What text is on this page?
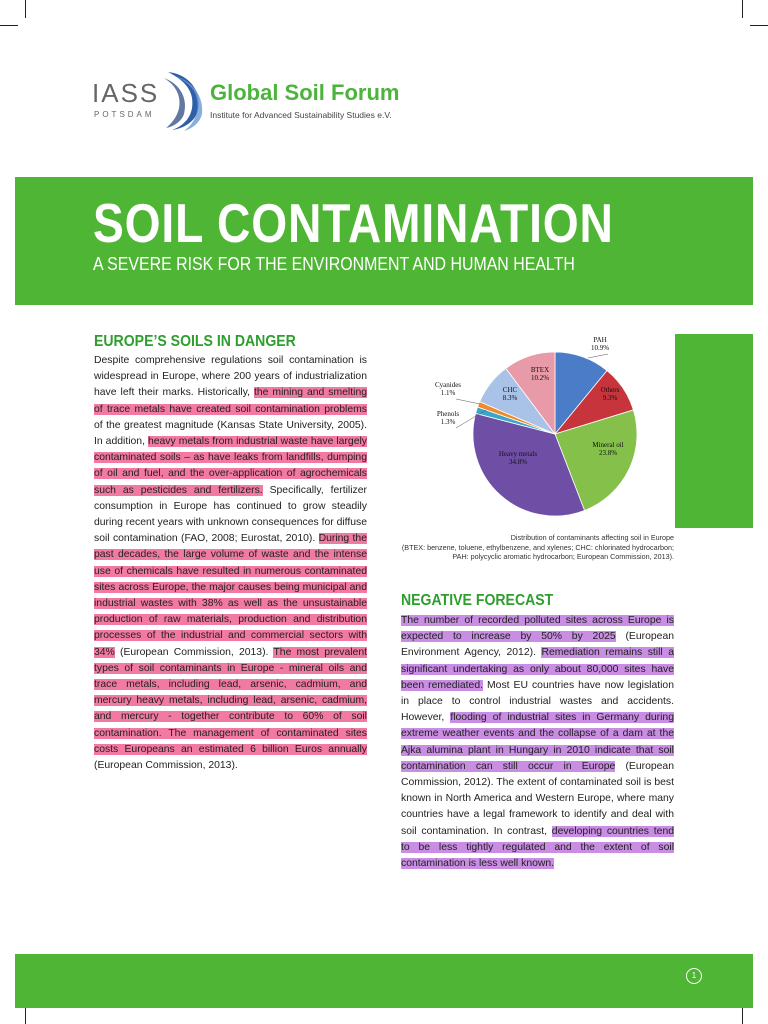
IASS
POTSDAM
Global Soil Forum
Institute for Advanced Sustainability Studies e.V.
SOIL CONTAMINATION
A SEVERE RISK FOR THE ENVIRONMENT AND HUMAN HEALTH
EUROPE’S SOILS IN DANGER
Despite comprehensive regulations soil contamination is widespread in Europe, where 200 years of industrialization have left their marks. Historically, the mining and smelting of trace metals have created soil contamination problems of the greatest magnitude (Kansas State University, 2005). In addition, heavy metals from industrial waste have largely contaminated soils – as have leaks from landfills, dumping of oil and fuel, and the over-application of agrochemicals such as pesticides and fertilizers. Specifically, fertilizer consumption in Europe has continued to grow steadily during recent years with unknown consequences for diffuse soil contamination (FAO, 2008; Eurostat, 2010). During the past decades, the large volume of waste and the intense use of chemicals have resulted in numerous contaminated sites across Europe, the major causes being municipal and industrial wastes with 38% as well as the unsustainable production of raw materials, production and distribution processes of the industrial and commercial sectors with 34% (European Commission, 2013). The most prevalent types of soil contaminants in Europe - mineral oils and trace metals, including lead, arsenic, cadmium, and mercury heavy metals, including lead, arsenic, cadmium, and mercury - together contribute to 60% of soil contamination. The management of contaminated sites costs Europeans an estimated 6 billion Euros annually (European Commission, 2013).
PAH
10.9%
Others
9.3%
Mineral oil
23.8%
Heavy metals
34.8%
Phenols
1.3%
Cyanides
1.1%	CHC
8.3%
BTEX
10.2%
Distribution of contaminants affecting soil in Europe
(BTEX: benzene, toluene, ethylbenzene, and xylenes; CHC: chlorinated hydrocarbon; PAH: polycyclic aromatic hydrocarbon; European Commission, 2013).
NEGATIVE FORECAST
The number of recorded polluted sites across Europe is expected to increase by 50% by 2025 (European Environment Agency, 2012). Remediation remains still a significant undertaking as only about 80,000 sites have been remediated. Most EU countries have now legislation in place to control industrial wastes and accidents. However, flooding of industrial sites in Germany during extreme weather events and the collapse of a dam at the Ajka alumina plant in Hungary in 2010 indicate that soil contamination can still occur in Europe (European Commission, 2012). The extent of contaminated soil is best known in North America and Western Europe, where many countries have a legal framework to identify and deal with soil contamination. In contrast, developing countries tend to be less tightly regulated and the extent of soil contamination is less well known.
1
